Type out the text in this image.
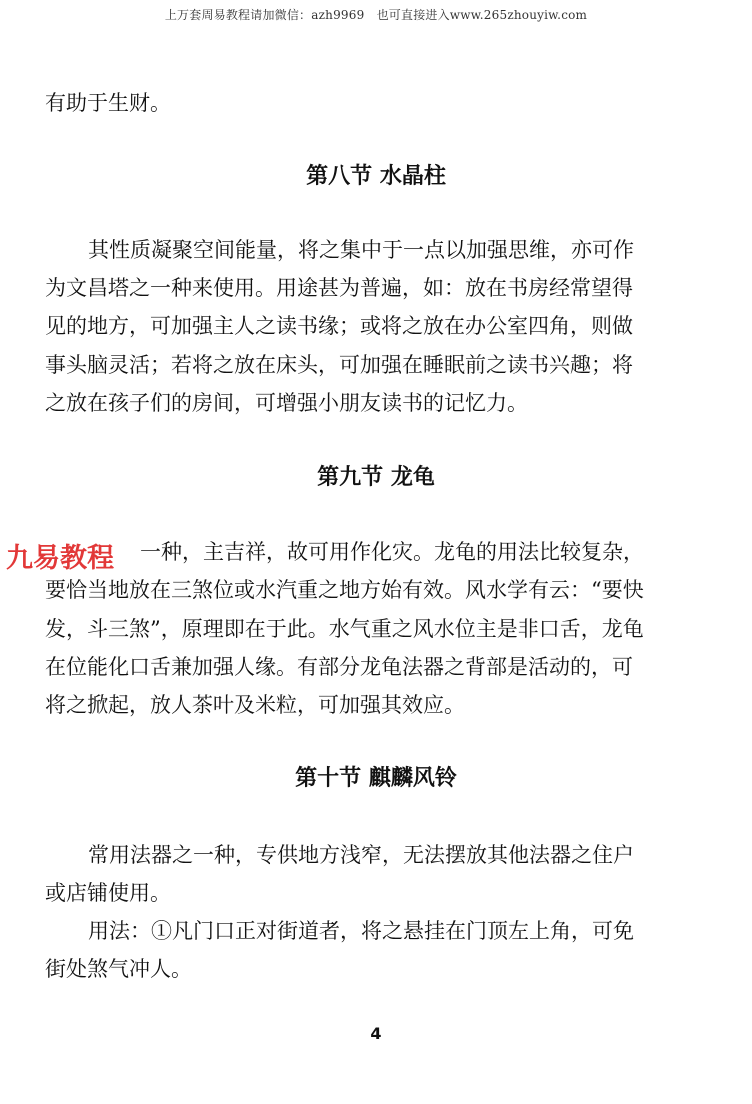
上万套周易教程请加微信：azh9969　也可直接进入www.265zhouyiw.com
有助于生财。
第八节 水晶柱
其性质凝聚空间能量，将之集中于一点以加强思维，亦可作
为文昌塔之一种来使用。用途甚为普遍，如：放在书房经常望得
见的地方，可加强主人之读书缘；或将之放在办公室四角，则做
事头脑灵活；若将之放在床头，可加强在睡眠前之读书兴趣；将
之放在孩子们的房间，可增强小朋友读书的记忆力。
第九节 龙龟
一种，主吉祥，故可用作化灾。龙龟的用法比较复杂，
要恰当地放在三煞位或水汽重之地方始有效。风水学有云：“要快
发，斗三煞”，原理即在于此。水气重之风水位主是非口舌，龙龟
在位能化口舌兼加强人缘。有部分龙龟法器之背部是活动的，可
将之掀起，放人茶叶及米粒，可加强其效应。
九易教程
第十节 麒麟风铃
常用法器之一种，专供地方浅窄，无法摆放其他法器之住户
或店铺使用。
用法：①凡门口正对街道者，将之悬挂在门顶左上角，可免
街处煞气冲人。
4
